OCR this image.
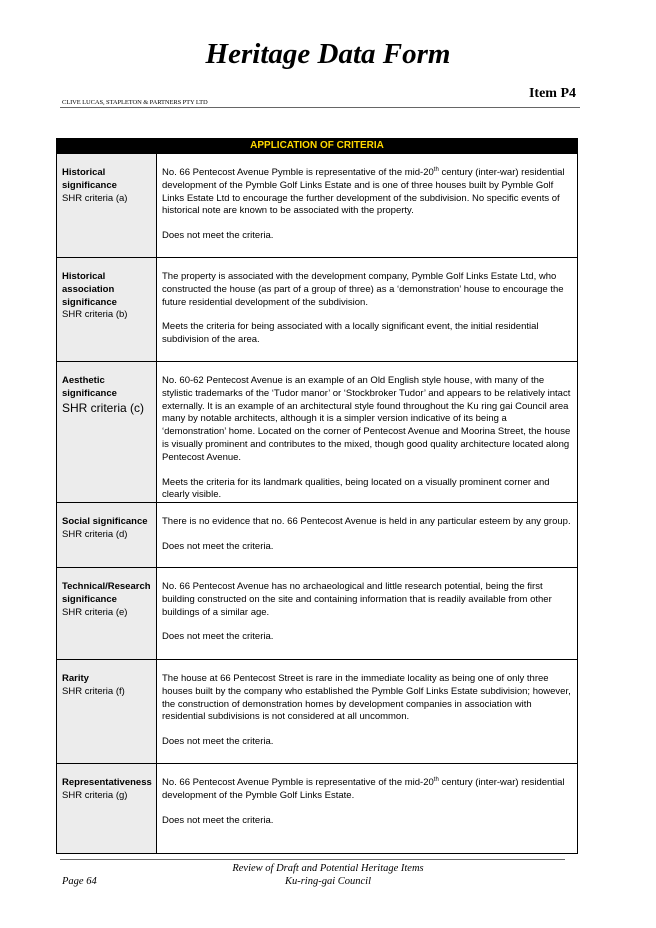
Heritage Data Form
Item P4
CLIVE LUCAS, STAPLETON & PARTNERS PTY LTD
APPLICATION OF CRITERIA
Historical significance
SHR criteria (a)

No. 66 Pentecost Avenue Pymble is representative of the mid-20th century (inter-war) residential development of the Pymble Golf Links Estate and is one of three houses built by Pymble Golf Links Estate Ltd to encourage the further development of the subdivision. No specific events of historical note are known to be associated with the property.

Does not meet the criteria.

Historical association significance
SHR criteria (b)

The property is associated with the development company, Pymble Golf Links Estate Ltd, who constructed the house (as part of a group of three) as a ‘demonstration’ house to encourage the future residential development of the subdivision.

Meets the criteria for being associated with a locally significant event, the initial residential subdivision of the area.

Aesthetic significance
SHR criteria (c)

No. 60-62 Pentecost Avenue is an example of an Old English style house, with many of the stylistic trademarks of the ‘Tudor manor’ or ‘Stockbroker Tudor’ and appears to be relatively intact externally. It is an example of an architectural style found throughout the Ku ring gai Council area many by notable architects, although it is a simpler version indicative of its being a ‘demonstration’ home. Located on the corner of Pentecost Avenue and Moorina Street, the house is visually prominent and contributes to the mixed, though good quality architecture located along Pentecost Avenue.

Meets the criteria for its landmark qualities, being located on a visually prominent corner and clearly visible.

Social significance
SHR criteria (d)

There is no evidence that no. 66 Pentecost Avenue is held in any particular esteem by any group.

Does not meet the criteria.

Technical/Research significance
SHR criteria (e)

No. 66 Pentecost Avenue has no archaeological and little research potential, being the first building constructed on the site and containing information that is readily available from other buildings of a similar age.

Does not meet the criteria.

Rarity
SHR criteria (f)

The house at 66 Pentecost Street is rare in the immediate locality as being one of only three houses built by the company who established the Pymble Golf Links Estate subdivision; however, the construction of demonstration homes by development companies in association with residential subdivisions is not considered at all uncommon.

Does not meet the criteria.

Representativeness
SHR criteria (g)

No. 66 Pentecost Avenue Pymble is representative of the mid-20th century (inter-war) residential development of the Pymble Golf Links Estate.

Does not meet the criteria.

Review of Draft and Potential Heritage Items
Ku-ring-gai Council
Page 64
